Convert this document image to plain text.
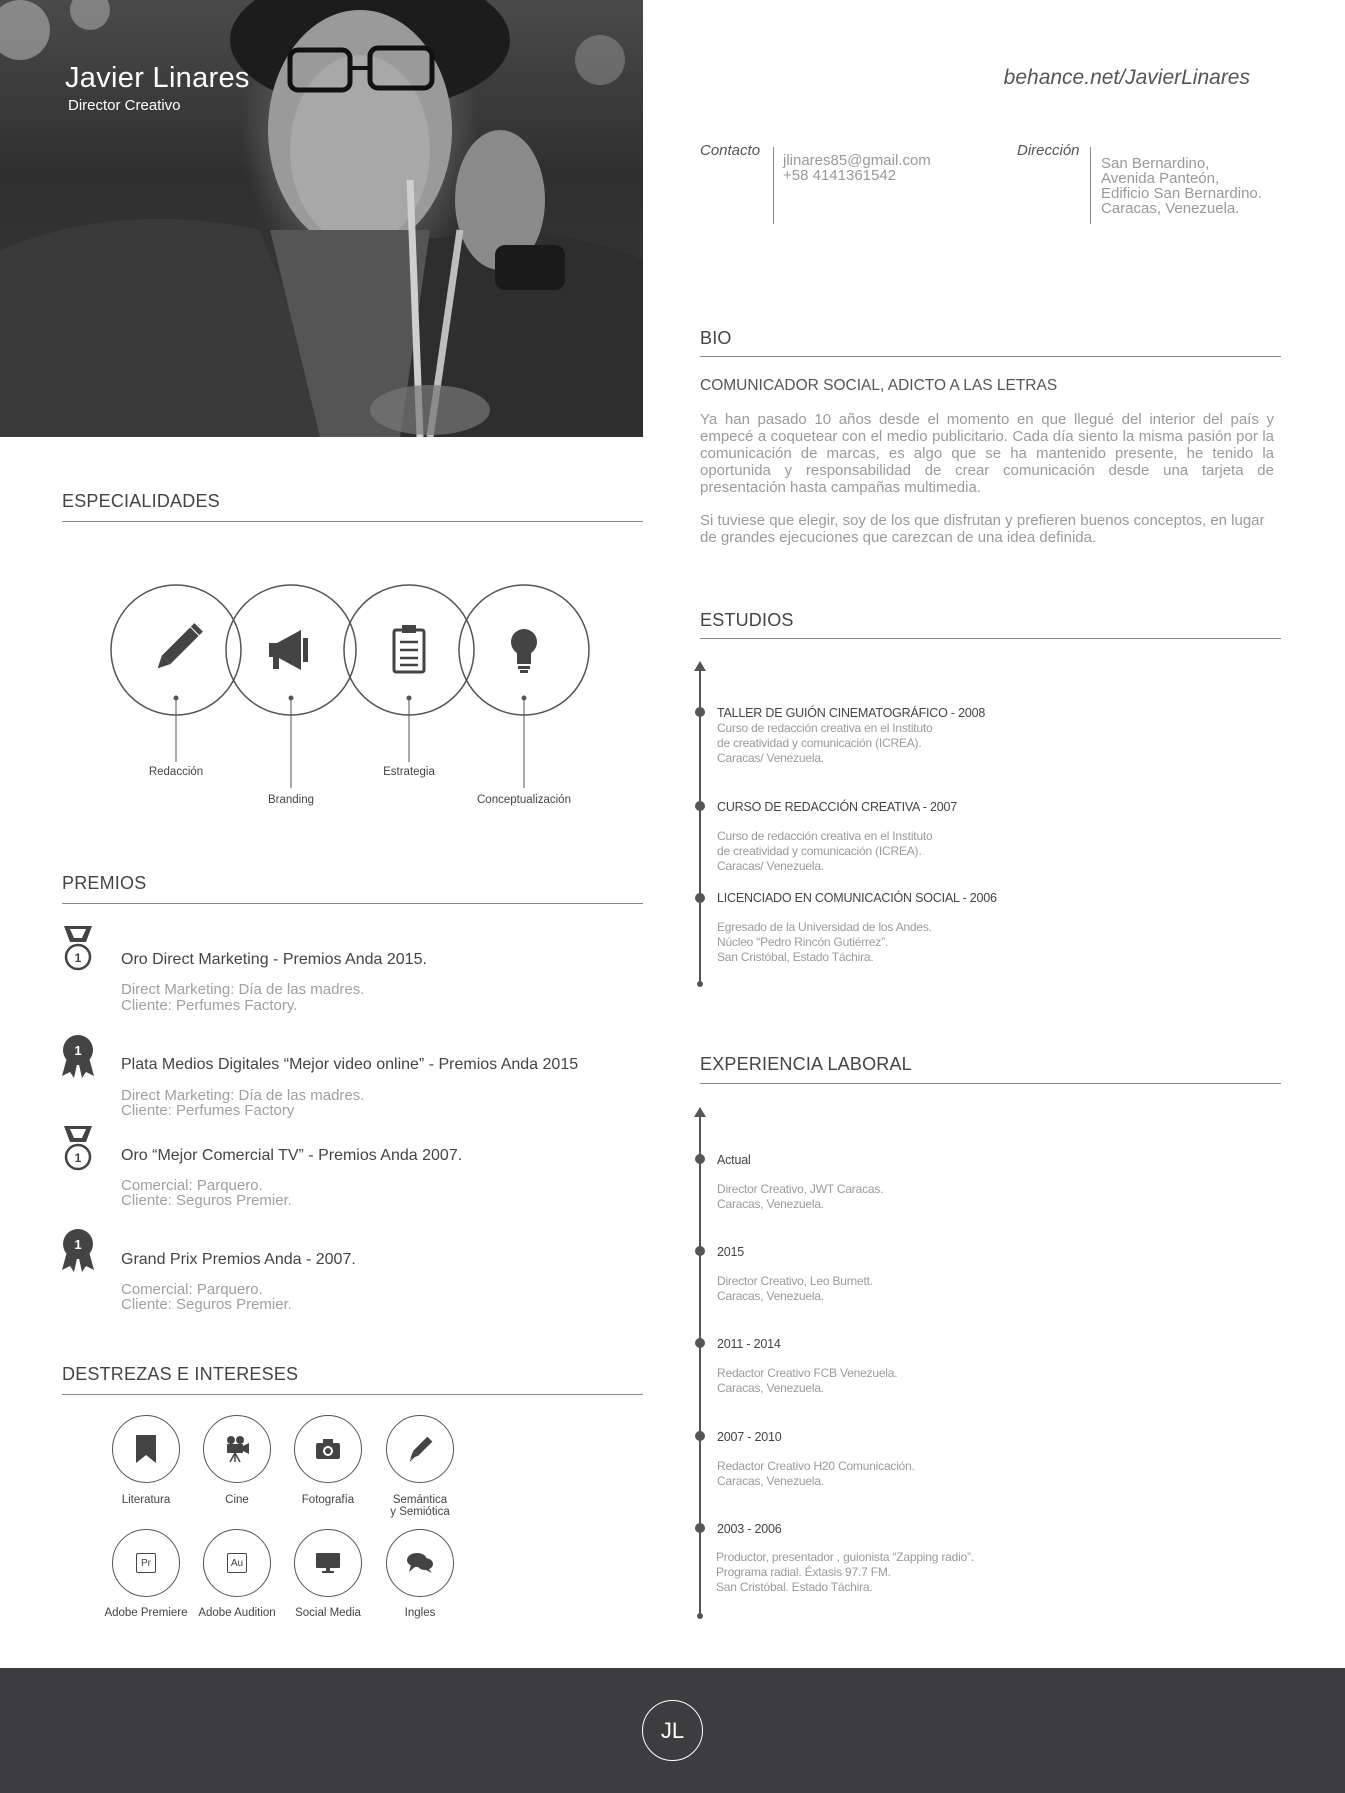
Javier Linares
Director Creativo
behance.net/JavierLinares
Contacto
jlinares85@gmail.com
+58 4141361542
Dirección
San Bernardino,
Avenida Panteón,
Edificio San Bernardino.
Caracas, Venezuela.
BIO
COMUNICADOR SOCIAL, ADICTO A LAS LETRAS
Ya han pasado 10 años desde el momento en que llegué del interior del país y empecé a coquetear con el medio publicitario. Cada día siento la misma pasión por la comunicación de marcas, es algo que se ha mantenido presente, he tenido la oportunida y responsabilidad de crear comunicación desde una tarjeta de presentación hasta campañas multimedia.
Si tuviese que elegir, soy de los que disfrutan y prefieren buenos conceptos, en lugar de grandes ejecuciones que carezcan de una idea definida.
ESPECIALIDADES
Redacción
Branding
Estrategia
Conceptualización
PREMIOS
1 Oro Direct Marketing - Premios Anda 2015.
Direct Marketing: Día de las madres.
Cliente: Perfumes Factory.
1
Plata Medios Digitales “Mejor video online” - Premios Anda 2015
Direct Marketing: Día de las madres.
Cliente: Perfumes Factory
1 Oro “Mejor Comercial TV” - Premios Anda 2007.
Comercial: Parquero.
Cliente: Seguros Premier.
1
Grand Prix Premios Anda - 2007.
Comercial: Parquero.
Cliente: Seguros Premier.
DESTREZAS E INTERESES
Literatura	Cine	Fotografía	Semántica
y Semiótica
Pr	Au
Adobe Premiere Adobe Audition	Social Media	Ingles
ESTUDIOS
TALLER DE GUIÓN CINEMATOGRÁFICO - 2008
Curso de redacción creativa en el Instituto
de creatividad y comunicación (ICREA).
Caracas/ Venezuela.
CURSO DE REDACCIÓN CREATIVA - 2007
Curso de redacción creativa en el Instituto
de creatividad y comunicación (ICREA).
Caracas/ Venezuela.
LICENCIADO EN COMUNICACIÓN SOCIAL - 2006
Egresado de la Universidad de los Andes.
Núcleo “Pedro Rincón Gutiérrez”.
San Cristóbal, Estado Táchira.
EXPERIENCIA LABORAL
Actual
Director Creativo, JWT Caracas.
Caracas, Venezuela.
2015
Director Creativo, Leo Burnett.
Caracas, Venezuela.
2011 - 2014
Redactor Creativo FCB Venezuela.
Caracas, Venezuela.
2007 - 2010
Redactor Creativo H20 Comunicación.
Caracas, Venezuela.
2003 - 2006
Productor, presentador , guionista “Zapping radio”.
Programa radial. Éxtasis 97.7 FM.
San Cristóbal. Estado Táchira.
JL
